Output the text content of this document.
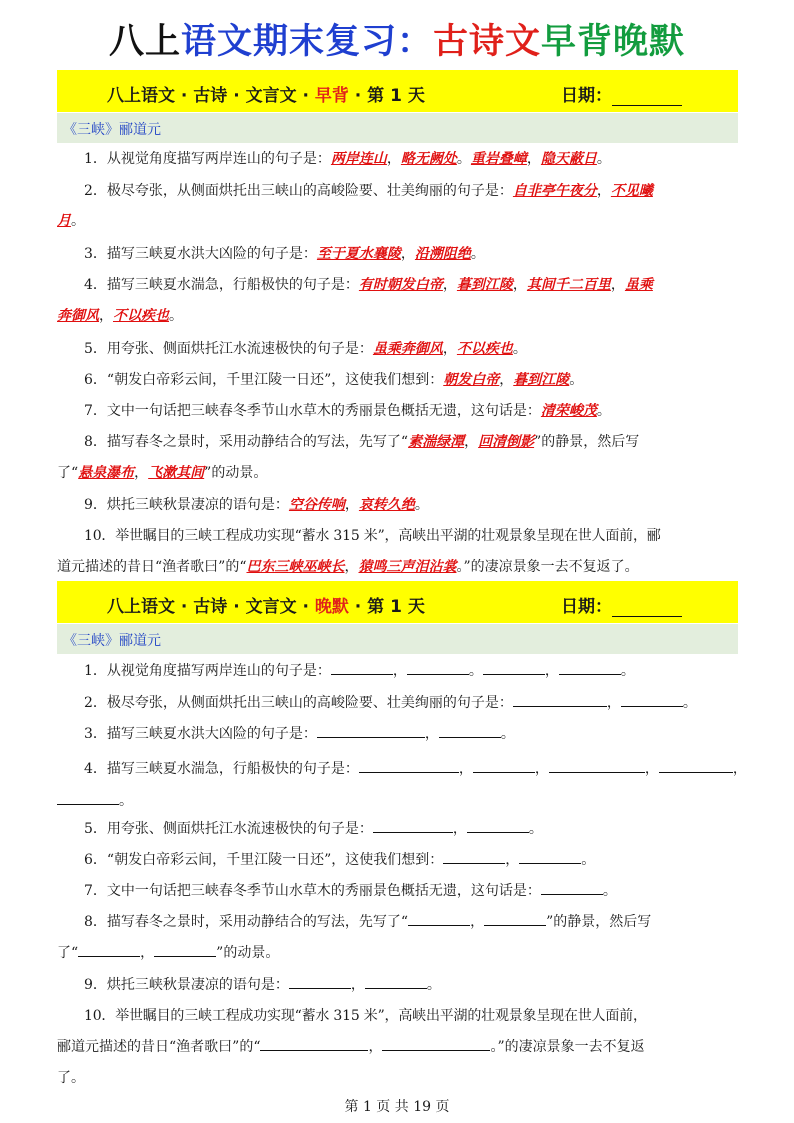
八上语文期末复习：古诗文早背晚默
八上语文 · 古诗 · 文言文 · 早背 · 第 1 天	日期：
《三峡》郦道元
1．从视觉角度描写两岸连山的句子是：两岸连山，略无阙处。重岩叠嶂，隐天蔽日。
2．极尽夸张，从侧面烘托出三峡山的高峻险要、壮美绚丽的句子是：自非亭午夜分，不见曦
月。
3．描写三峡夏水洪大凶险的句子是：至于夏水襄陵，沿溯阻绝。
4．描写三峡夏水湍急，行船极快的句子是：有时朝发白帝，暮到江陵，其间千二百里，虽乘
奔御风，不以疾也。
5．用夸张、侧面烘托江水流速极快的句子是：虽乘奔御风，不以疾也。
6．“朝发白帝彩云间，千里江陵一日还”，这使我们想到：朝发白帝，暮到江陵。
7．文中一句话把三峡春冬季节山水草木的秀丽景色概括无遗，这句话是：清荣峻茂。
8．描写春冬之景时，采用动静结合的写法，先写了“素湍绿潭，回清倒影”的静景，然后写
了“悬泉瀑布，飞漱其间”的动景。
9．烘托三峡秋景凄凉的语句是：空谷传响，哀转久绝。
10．举世瞩目的三峡工程成功实现“蓄水 315 米”，高峡出平湖的壮观景象呈现在世人面前，郦
道元描述的昔日“渔者歌曰”的“巴东三峡巫峡长，猿鸣三声泪沾裳。”的凄凉景象一去不复返了。
八上语文 · 古诗 · 文言文 · 晚默 · 第 1 天	日期：
《三峡》郦道元
1．从视觉角度描写两岸连山的句子是：	，	。	，	。
2．极尽夸张，从侧面烘托出三峡山的高峻险要、壮美绚丽的句子是：	，	。
3．描写三峡夏水洪大凶险的句子是：	，	。
4．描写三峡夏水湍急，行船极快的句子是：	，	，	，	，
。
5．用夸张、侧面烘托江水流速极快的句子是：	，	。
6．“朝发白帝彩云间，千里江陵一日还”，这使我们想到：	，	。
7．文中一句话把三峡春冬季节山水草木的秀丽景色概括无遗，这句话是：	。
8．描写春冬之景时，采用动静结合的写法，先写了“	，	”的静景，然后写
了“	，	”的动景。
9．烘托三峡秋景凄凉的语句是：	，	。
10．举世瞩目的三峡工程成功实现“蓄水 315 米”，高峡出平湖的壮观景象呈现在世人面前，
郦道元描述的昔日“渔者歌曰”的“	，	。”的凄凉景象一去不复返
了。
第 1 页 共 19 页
